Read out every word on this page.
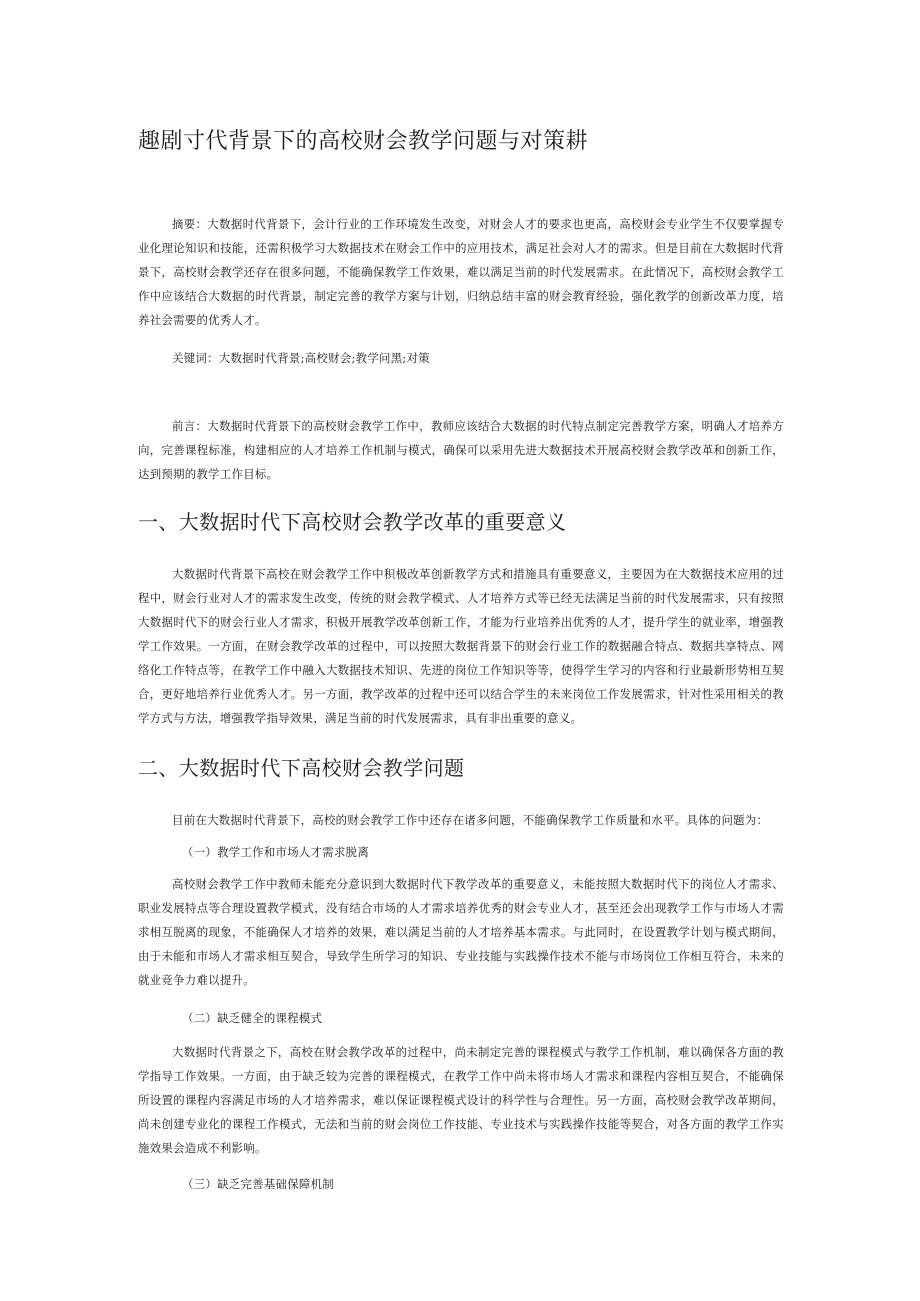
趣剧寸代背景下的高校财会教学问题与对策耕

摘要：大数据时代背景下，会计行业的工作环境发生改变，对财会人才的要求也更高，高校财会专业学生不仅要掌握专业化理论知识和技能，还需积极学习大数据技术在财会工作中的应用技术，满足社会对人才的需求。但是目前在大数据时代背景下，高校财会教学还存在很多问题，不能确保教学工作效果，难以满足当前的时代发展需求。在此情况下，高校财会教学工作中应该结合大数据的时代背景，制定完善的教学方案与计划，归纳总结丰富的财会教育经验，强化教学的创新改革力度，培养社会需要的优秀人才。

关键词：大数据时代背景;高校财会;教学问黑;对策

前言：大数据时代背景下的高校财会教学工作中，教师应该结合大数据的时代特点制定完善教学方案，明确人才培养方向，完善课程标准，构建相应的人才培养工作机制与模式，确保可以采用先进大数据技术开展高校财会教学改革和创新工作，达到预期的教学工作目标。

一、大数据时代下高校财会教学改革的重要意义

大数据时代背景下高校在财会教学工作中积极改革创新教学方式和措施具有重要意义，主要因为在大数据技术应用的过程中，财会行业对人才的需求发生改变，传统的财会教学模式、人才培养方式等已经无法满足当前的时代发展需求，只有按照大数据时代下的财会行业人才需求，积极开展教学改革创新工作，才能为行业培养出优秀的人才，提升学生的就业率，增强教学工作效果。一方面，在财会教学改革的过程中，可以按照大数据背景下的财会行业工作的数据融合特点、数据共享特点、网络化工作特点等，在教学工作中融入大数据技术知识、先进的岗位工作知识等等，使得学生学习的内容和行业最新形势相互契合，更好地培养行业优秀人才。另一方面，教学改革的过程中还可以结合学生的未来岗位工作发展需求，针对性采用相关的教学方式与方法，增强教学指导效果，满足当前的时代发展需求，具有非出重要的意义。

二、大数据时代下高校财会教学问题

目前在大数据时代背景下，高校的财会教学工作中还存在诸多问题，不能确保教学工作质量和水平。具体的问题为：

（一）教学工作和市场人才需求脱离

高校财会教学工作中教师未能充分意识到大数据时代下教学改革的重要意义，未能按照大数据时代下的岗位人才需求、职业发展特点等合理设置教学模式，没有结合市场的人才需求培养优秀的财会专业人才，甚至还会出现教学工作与市场人才需求相互脱离的现象，不能确保人才培养的效果，难以满足当前的人才培养基本需求。与此同时，在设置教学计划与模式期间，由于未能和市场人才需求相互契合，导致学生所学习的知识、专业技能与实践操作技术不能与市场岗位工作相互符合，未来的就业竞争力难以提升。

（二）缺乏健全的课程模式

大数据时代背景之下，高校在财会教学改革的过程中，尚未制定完善的课程模式与教学工作机制，难以确保各方面的教学指导工作效果。一方面，由于缺乏较为完善的课程模式，在教学工作中尚未将市场人才需求和课程内容相互契合，不能确保所设置的课程内容满足市场的人才培养需求，难以保证课程模式设计的科学性与合理性。另一方面，高校财会教学改革期间，尚未创建专业化的课程工作模式，无法和当前的财会岗位工作技能、专业技术与实践操作技能等契合，对各方面的教学工作实施效果会造成不利影响。

（三）缺乏完善基础保障机制
